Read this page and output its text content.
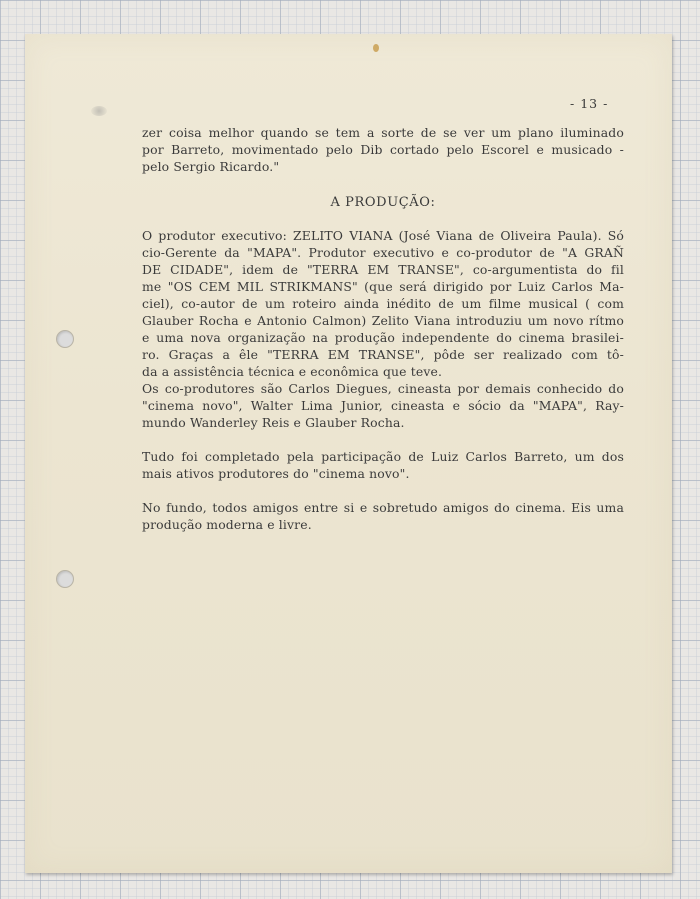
- 13 -
zer coisa melhor quando se tem a sorte de se ver um plano iluminado
por Barreto, movimentado pelo Dib cortado pelo Escorel e musicado -
pelo Sergio Ricardo."
A PRODUÇÃO:
O produtor executivo: ZELITO VIANA (José Viana de Oliveira Paula). Só
cio-Gerente da "MAPA". Produtor executivo e co-produtor de "A GRAÑ
DE CIDADE", idem de "TERRA EM TRANSE", co-argumentista do fil
me "OS CEM MIL STRIKMANS" (que será dirigido por Luiz Carlos Ma-
ciel), co-autor de um roteiro ainda inédito de um filme musical ( com
Glauber Rocha e Antonio Calmon) Zelito Viana introduziu um novo rítmo
e uma nova organização na produção independente do cinema brasilei-
ro. Graças a êle "TERRA EM TRANSE", pôde ser realizado com tô-
da a assistência técnica e econômica que teve.
Os co-produtores são Carlos Diegues, cineasta por demais conhecido do
"cinema novo", Walter Lima Junior, cineasta e sócio da "MAPA", Ray-
mundo Wanderley Reis e Glauber Rocha.
Tudo foi completado pela participação de Luiz Carlos Barreto, um dos
mais ativos produtores do "cinema novo".
No fundo, todos amigos entre si e sobretudo amigos do cinema. Eis uma
produção moderna e livre.
